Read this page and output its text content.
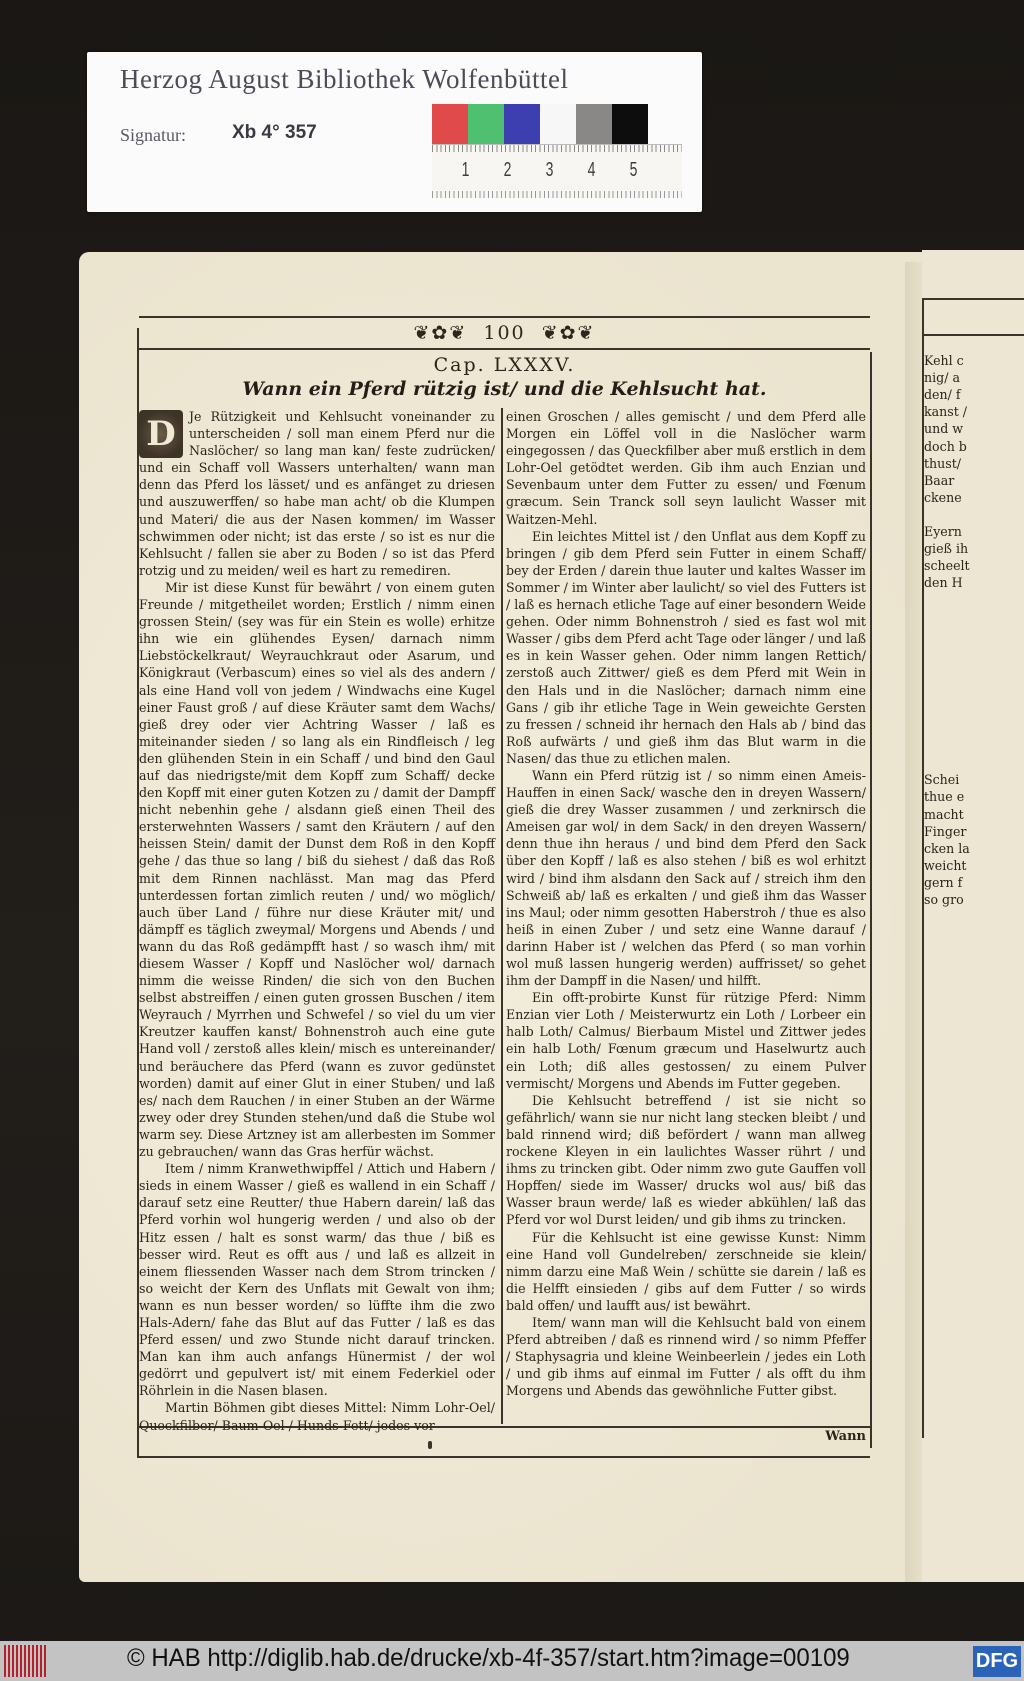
Herzog August Bibliothek Wolfenbüttel
Signatur: Xb 4° 357
1 2 3 4 5
Kehl c
nig/ a
den/ f
kanst /
und w
doch b
thust/
Baar
ckene
Eyern
gieß ih
scheelt
den H
Schei
thue e
macht
Finger
cken la
weicht
gern f
so gro
❦✿❦ 100 ❦✿❦
Cap. LXXXV.
Wann ein Pferd rützig ist/ und die Kehlsucht hat.

D	Je Rützigkeit und Kehlsucht voneinander zu unterscheiden / soll man einem Pferd nur die Naslöcher/ so lang man kan/ feste zudrücken/ und ein Schaff voll Wassers unterhalten/ wann man denn das Pferd los lässet/ und es anfänget zu driesen und auszuwerffen/ so habe man acht/ ob die Klumpen und Materi/ die aus der Nasen kommen/ im Wasser schwimmen oder nicht; ist das erste / so ist es nur die Kehlsucht / fallen sie aber zu Boden / so ist das Pferd rotzig und zu meiden/ weil es hart zu remediren.

Mir ist diese Kunst für bewährt / von einem guten Freunde / mitgetheilet worden; Erstlich / nimm einen grossen Stein/ (sey was für ein Stein es wolle) erhitze ihn wie ein glühendes Eysen/ darnach nimm Liebstöckelkraut/ Weyrauchkraut oder Asarum, und Königkraut (Verbascum) eines so viel als des andern / als eine Hand voll von jedem / Windwachs eine Kugel einer Faust groß / auf diese Kräuter samt dem Wachs/ gieß drey oder vier Achtring Wasser / laß es miteinander sieden / so lang als ein Rindfleisch / leg den glühenden Stein in ein Schaff / und bind den Gaul auf das niedrigste/mit dem Kopff zum Schaff/ decke den Kopff mit einer guten Kotzen zu / damit der Dampff nicht nebenhin gehe / alsdann gieß einen Theil des ersterwehnten Wassers / samt den Kräutern / auf den heissen Stein/ damit der Dunst dem Roß in den Kopff gehe / das thue so lang / biß du siehest / daß das Roß mit dem Rinnen nachlässt. Man mag das Pferd unterdessen fortan zimlich reuten / und/ wo möglich/ auch über Land / führe nur diese Kräuter mit/ und dämpff es täglich zweymal/ Morgens und Abends / und wann du das Roß gedämpfft hast / so wasch ihm/ mit diesem Wasser / Kopff und Naslöcher wol/ darnach nimm die weisse Rinden/ die sich von den Buchen selbst abstreiffen / einen guten grossen Buschen / item Weyrauch / Myrrhen und Schwefel / so viel du um vier Kreutzer kauffen kanst/ Bohnenstroh auch eine gute Hand voll / zerstoß alles klein/ misch es untereinander/ und beräuchere das Pferd (wann es zuvor gedünstet worden) damit auf einer Glut in einer Stuben/ und laß es/ nach dem Rauchen / in einer Stuben an der Wärme zwey oder drey Stunden stehen/und daß die Stube wol warm sey. Diese Artzney ist am allerbesten im Sommer zu gebrauchen/ wann das Gras herfür wächst.

Item / nimm Kranwethwipffel / Attich und Habern / sieds in einem Wasser / gieß es wallend in ein Schaff / darauf setz eine Reutter/ thue Habern darein/ laß das Pferd vorhin wol hungerig werden / und also ob der Hitz essen / halt es sonst warm/ das thue / biß es besser wird. Reut es offt aus / und laß es allzeit in einem fliessenden Wasser nach dem Strom trincken / so weicht der Kern des Unflats mit Gewalt von ihm; wann es nun besser worden/ so lüffte ihm die zwo Hals-Adern/ fahe das Blut auf das Futter / laß es das Pferd essen/ und zwo Stunde nicht darauf trincken. Man kan ihm auch anfangs Hünermist / der wol gedörrt und gepulvert ist/ mit einem Federkiel oder Röhrlein in die Nasen blasen.

Martin Böhmen gibt dieses Mittel: Nimm Lohr-Oel/ Queckfilber/ Baum-Oel / Hunds-Fett/ jedes vor

einen Groschen / alles gemischt / und dem Pferd alle Morgen ein Löffel voll in die Naslöcher warm eingegossen / das Queckfilber aber muß erstlich in dem Lohr-Oel getödtet werden. Gib ihm auch Enzian und Sevenbaum unter dem Futter zu essen/ und Fœnum græcum. Sein Tranck soll seyn laulicht Wasser mit Waitzen-Mehl.

Ein leichtes Mittel ist / den Unflat aus dem Kopff zu bringen / gib dem Pferd sein Futter in einem Schaff/ bey der Erden / darein thue lauter und kaltes Wasser im Sommer / im Winter aber laulicht/ so viel des Futters ist / laß es hernach etliche Tage auf einer besondern Weide gehen. Oder nimm Bohnenstroh / sied es fast wol mit Wasser / gibs dem Pferd acht Tage oder länger / und laß es in kein Wasser gehen. Oder nimm langen Rettich/ zerstoß auch Zittwer/ gieß es dem Pferd mit Wein in den Hals und in die Naslöcher; darnach nimm eine Gans / gib ihr etliche Tage in Wein geweichte Gersten zu fressen / schneid ihr hernach den Hals ab / bind das Roß aufwärts / und gieß ihm das Blut warm in die Nasen/ das thue zu etlichen malen.

Wann ein Pferd rützig ist / so nimm einen Ameis-Hauffen in einen Sack/ wasche den in dreyen Wassern/ gieß die drey Wasser zusammen / und zerknirsch die Ameisen gar wol/ in dem Sack/ in den dreyen Wassern/ denn thue ihn heraus / und bind dem Pferd den Sack über den Kopff / laß es also stehen / biß es wol erhitzt wird / bind ihm alsdann den Sack auf / streich ihm den Schweiß ab/ laß es erkalten / und gieß ihm das Wasser ins Maul; oder nimm gesotten Haberstroh / thue es also heiß in einen Zuber / und setz eine Wanne darauf / darinn Haber ist / welchen das Pferd ( so man vorhin wol muß lassen hungerig werden) auffrisset/ so gehet ihm der Dampff in die Nasen/ und hilfft.

Ein offt-probirte Kunst für rützige Pferd: Nimm Enzian vier Loth / Meisterwurtz ein Loth / Lorbeer ein halb Loth/ Calmus/ Bierbaum Mistel und Zittwer jedes ein halb Loth/ Fœnum græcum und Haselwurtz auch ein Loth; diß alles gestossen/ zu einem Pulver vermischt/ Morgens und Abends im Futter gegeben.

Die Kehlsucht betreffend / ist sie nicht so gefährlich/ wann sie nur nicht lang stecken bleibt / und bald rinnend wird; diß befördert / wann man allweg rockene Kleyen in ein laulichtes Wasser rührt / und ihms zu trincken gibt. Oder nimm zwo gute Gauffen voll Hopffen/ siede im Wasser/ drucks wol aus/ biß das Wasser braun werde/ laß es wieder abkühlen/ laß das Pferd vor wol Durst leiden/ und gib ihms zu trincken.

Für die Kehlsucht ist eine gewisse Kunst: Nimm eine Hand voll Gundelreben/ zerschneide sie klein/ nimm darzu eine Maß Wein / schütte sie darein / laß es die Helfft einsieden / gibs auf dem Futter / so wirds bald offen/ und laufft aus/ ist bewährt.

Item/ wann man will die Kehlsucht bald von einem Pferd abtreiben / daß es rinnend wird / so nimm Pfeffer / Staphysagria und kleine Weinbeerlein / jedes ein Loth / und gib ihms auf einmal im Futter / als offt du ihm Morgens und Abends das gewöhnliche Futter gibst.

Wann
© HAB http://diglib.hab.de/drucke/xb-4f-357/start.htm?image=00109	DFG
